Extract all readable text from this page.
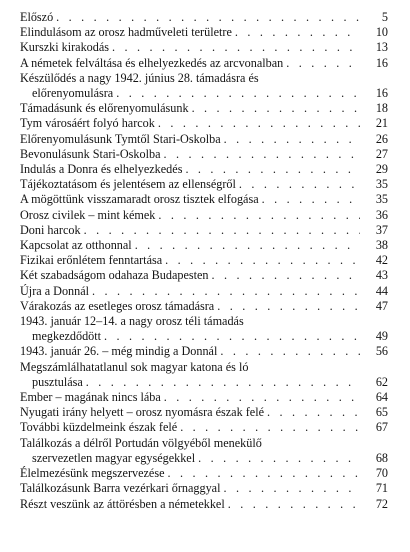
Előszó . . .	5
Elindulásom az orosz hadműveleti területre . . .	10
Kurszki kirakodás . . .	13
A németek felváltása és elhelyezkedés az arcvonalban . . .	16
Készülődés a nagy 1942. június 28. támadásra és
előrenyomulásra . . .	16
Támadásunk és előrenyomulásunk . . .	18
Tym városáért folyó harcok . . .	21
Előrenyomulásunk Tymtől Stari-Oskolba . . .	26
Bevonulásunk Stari-Oskolba . . .	27
Indulás a Donra és elhelyezkedés . . .	29
Tájékoztatásom és jelentésem az ellenségről . . .	35
A mögöttünk visszamaradt orosz tisztek elfogása . . .	35
Orosz civilek – mint kémek . . .	36
Doni harcok . . .	37
Kapcsolat az otthonnal . . .	38
Fizikai erőnlétem fenntartása . . .	42
Két szabadságom odahaza Budapesten . . .	43
Újra a Donnál . . .	44
Várakozás az esetleges orosz támadásra . . .	47
1943. január 12–14. a nagy orosz téli támadás
megkezdődött . . .	49
1943. január 26. – még mindig a Donnál . . .	56
Megszámlálhatatlanul sok magyar katona és ló
pusztulása . . .	62
Ember – magának nincs lába . . .	64
Nyugati irány helyett – orosz nyomásra észak felé . . .	65
További küzdelmeink észak felé . . .	67
Találkozás a délről Portudán völgyéből menekülő
szervezetlen magyar egységekkel . . .	68
Élelmezésünk megszervezése . . .	70
Találkozásunk Barra vezérkari őrnaggyal . . .	71
Részt veszünk az áttörésben a németekkel . . .	72
